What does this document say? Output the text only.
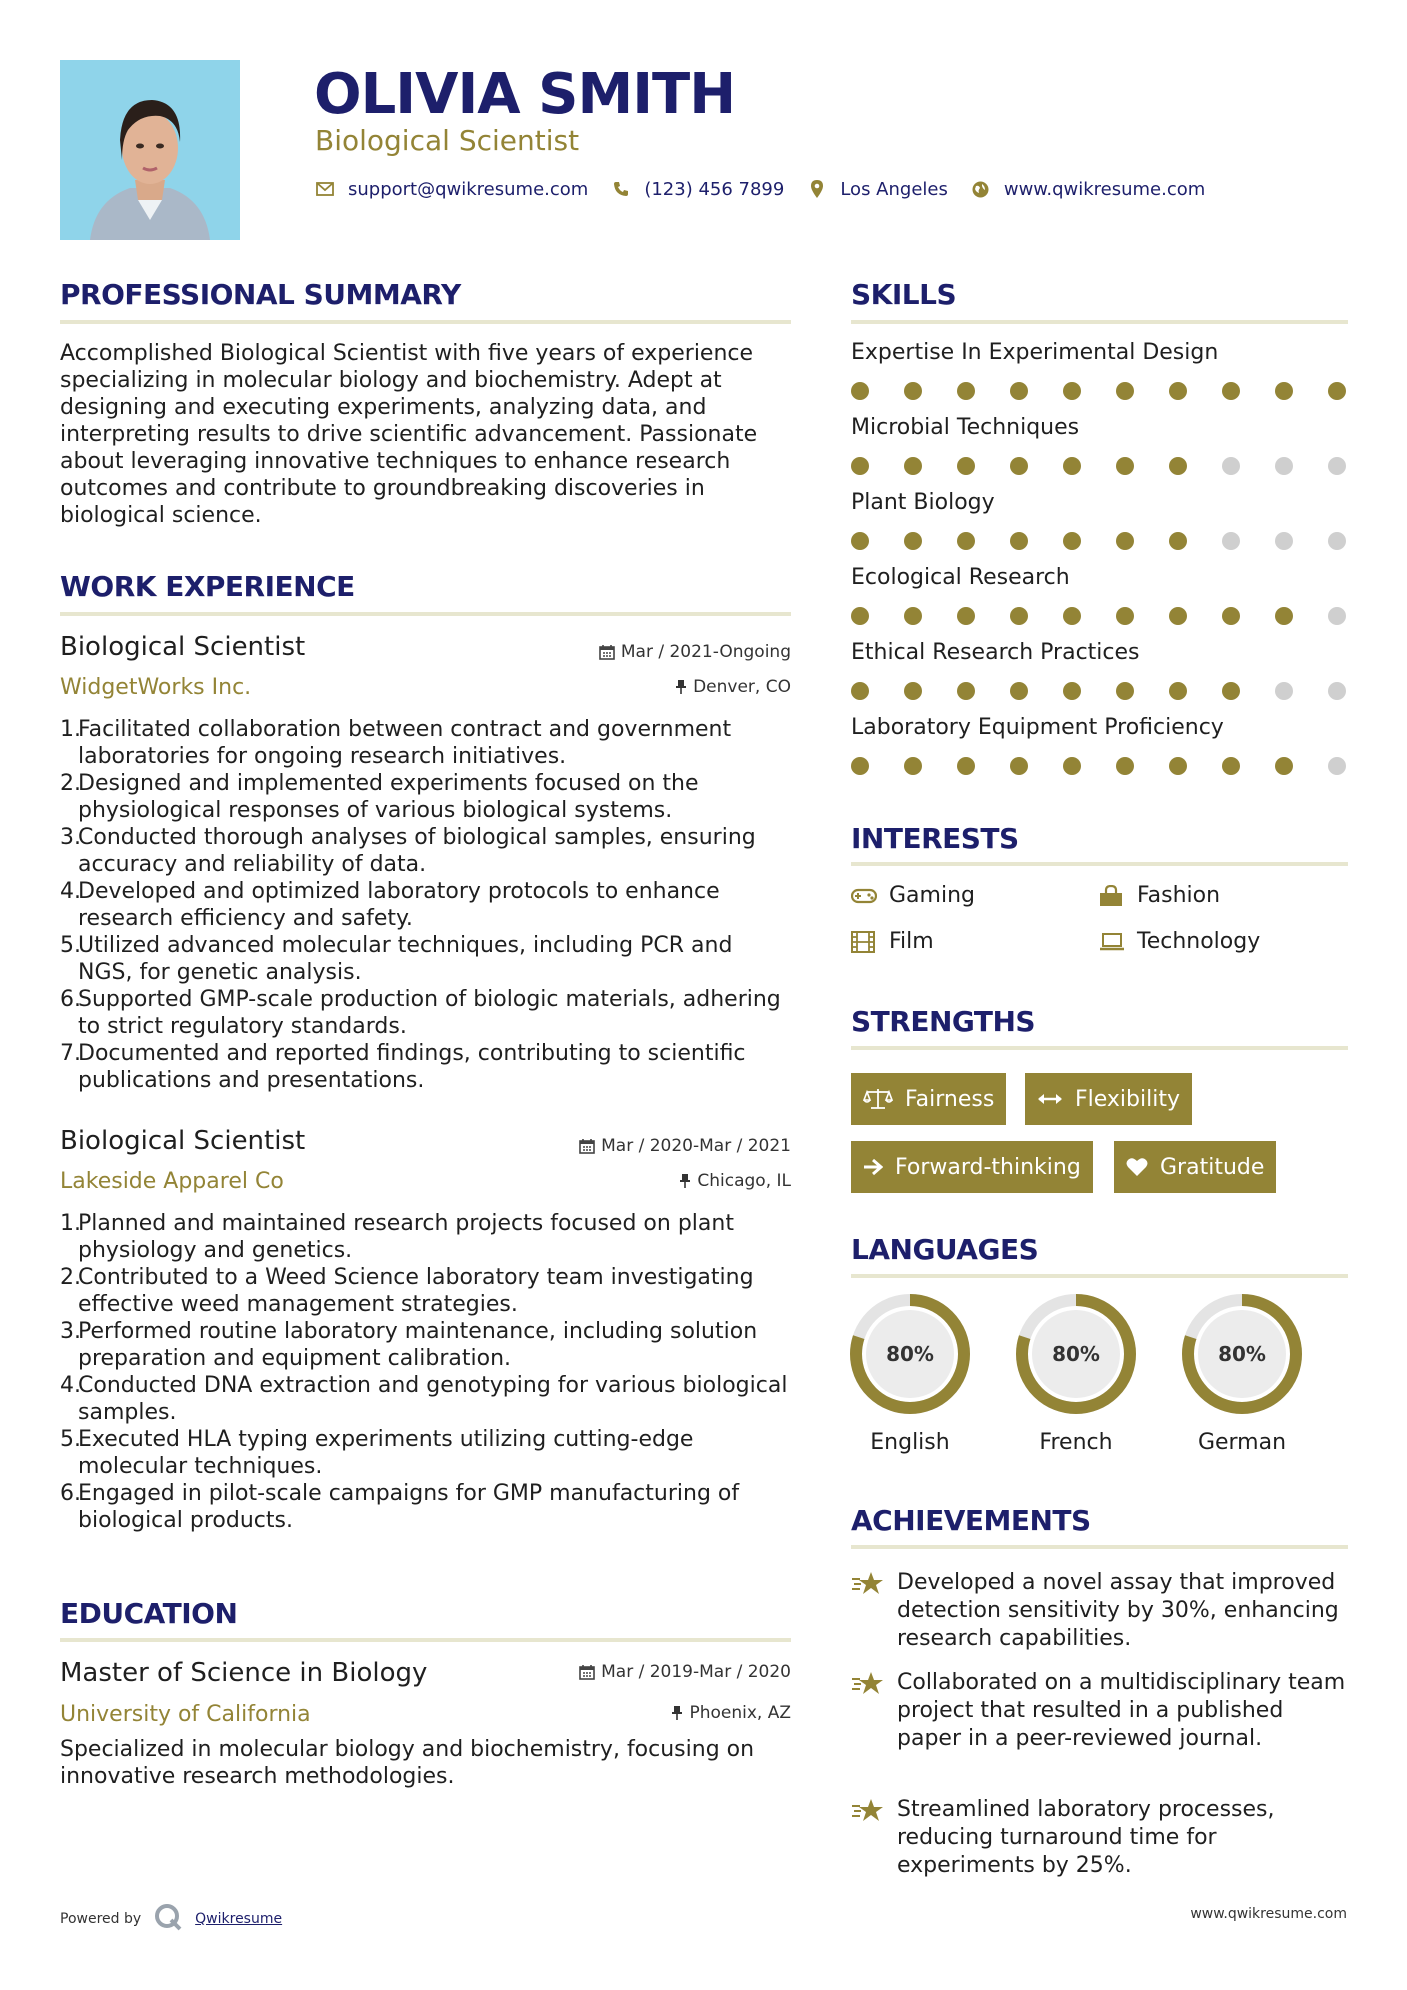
OLIVIA SMITH
Biological Scientist
support@qwikresume.com	(123) 456 7899	Los Angeles	www.qwikresume.com
PROFESSIONAL SUMMARY
Accomplished Biological Scientist with five years of experience specializing in molecular biology and biochemistry. Adept at designing and executing experiments, analyzing data, and interpreting results to drive scientific advancement. Passionate about leveraging innovative techniques to enhance research outcomes and contribute to groundbreaking discoveries in biological science.
WORK EXPERIENCE
Biological Scientist
WidgetWorks Inc.
Mar / 2021-Ongoing
Denver, CO
1.
Facilitated collaboration between contract and government laboratories for ongoing research initiatives.
2.
Designed and implemented experiments focused on the physiological responses of various biological systems.
3.
Conducted thorough analyses of biological samples, ensuring accuracy and reliability of data.
4.
Developed and optimized laboratory protocols to enhance research efficiency and safety.
5.
Utilized advanced molecular techniques, including PCR and NGS, for genetic analysis.
6.
Supported GMP-scale production of biologic materials, adhering to strict regulatory standards.
7.
Documented and reported findings, contributing to scientific publications and presentations.
Biological Scientist
Lakeside Apparel Co
Mar / 2020-Mar / 2021
Chicago, IL
1.
Planned and maintained research projects focused on plant physiology and genetics.
2.
Contributed to a Weed Science laboratory team investigating effective weed management strategies.
3.
Performed routine laboratory maintenance, including solution preparation and equipment calibration.
4.
Conducted DNA extraction and genotyping for various biological samples.
5.
Executed HLA typing experiments utilizing cutting-edge molecular techniques.
6.
Engaged in pilot-scale campaigns for GMP manufacturing of biological products.
EDUCATION
Master of Science in Biology
University of California
Mar / 2019-Mar / 2020
Phoenix, AZ
Specialized in molecular biology and biochemistry, focusing on innovative research methodologies.
SKILLS
Expertise In Experimental Design
Microbial Techniques
Plant Biology
Ecological Research
Ethical Research Practices
Laboratory Equipment Proficiency
INTERESTS
Gaming	Fashion
Film	Technology
STRENGTHS
Fairness	Flexibility
Forward-thinking	Gratitude
LANGUAGES
80%
English
80%
French
80%
German
ACHIEVEMENTS
Developed a novel assay that improved detection sensitivity by 30%, enhancing research capabilities.
Collaborated on a multidisciplinary team project that resulted in a published paper in a peer-reviewed journal.
Streamlined laboratory processes, reducing turnaround time for experiments by 25%.
Powered by	Qwikresume	www.qwikresume.com
